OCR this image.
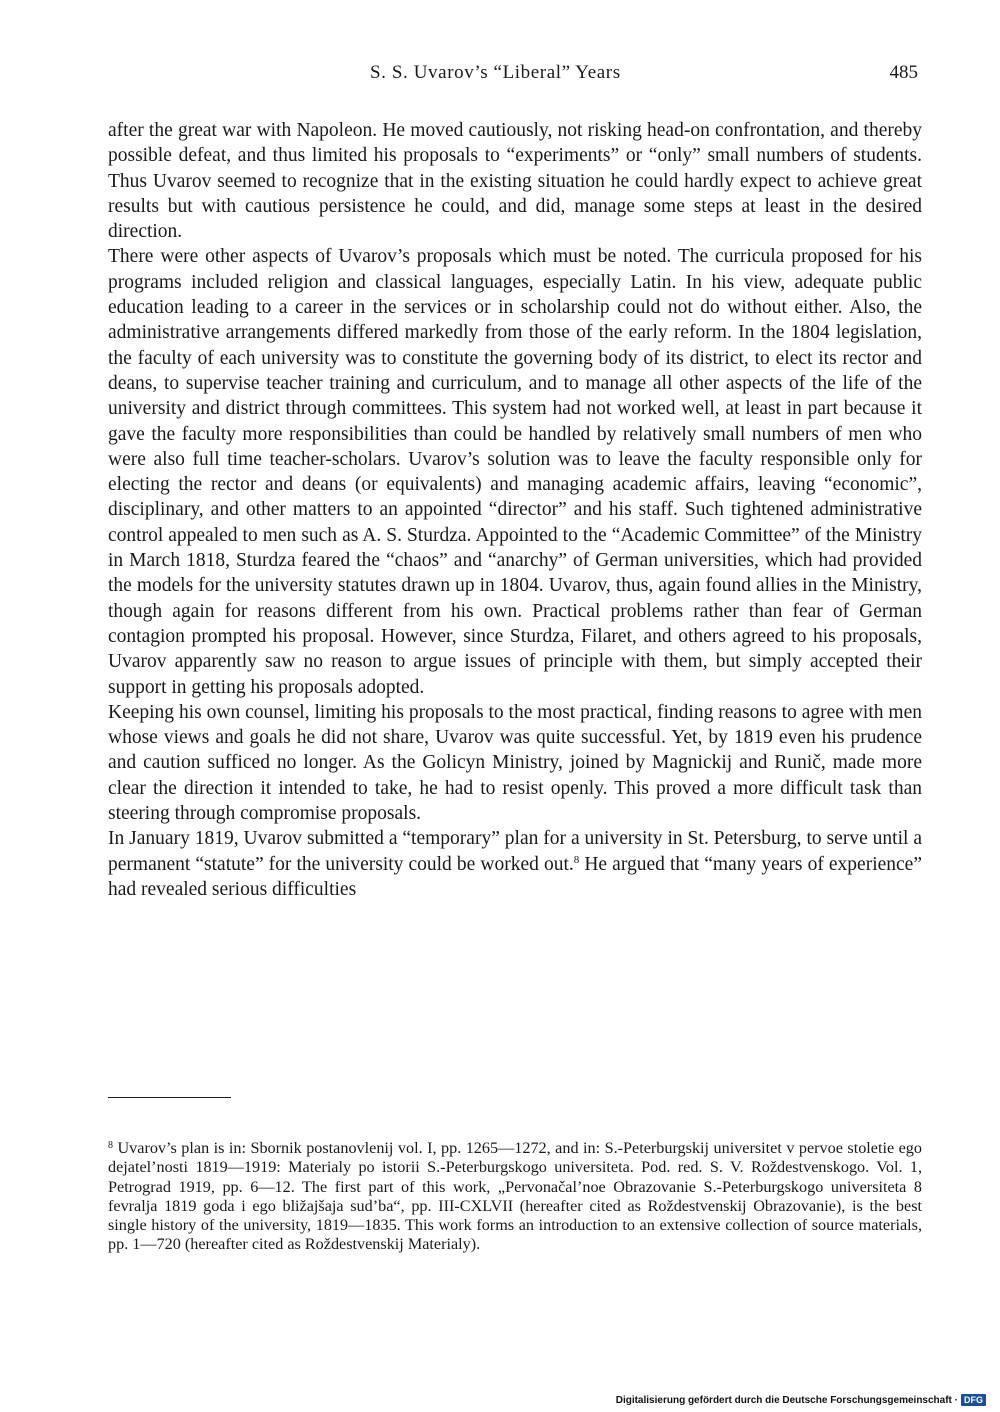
S. S. Uvarov’s “Liberal” Years	485

after the great war with Napoleon. He moved cautiously, not risking head-on confrontation, and thereby possible defeat, and thus limited his proposals to “experiments” or “only” small numbers of students. Thus Uvarov seemed to recognize that in the existing situation he could hardly expect to achieve great results but with cautious persistence he could, and did, manage some steps at least in the desired direction.

There were other aspects of Uvarov’s proposals which must be noted. The curricula proposed for his programs included religion and classical languages, especially Latin. In his view, adequate public education leading to a career in the services or in scholarship could not do without either. Also, the administrative arrangements differed markedly from those of the early reform. In the 1804 legislation, the faculty of each university was to constitute the governing body of its district, to elect its rector and deans, to supervise teacher training and curriculum, and to manage all other aspects of the life of the university and district through committees. This system had not worked well, at least in part because it gave the faculty more responsibilities than could be handled by relatively small numbers of men who were also full time teacher-scholars. Uvarov’s solution was to leave the faculty responsible only for electing the rector and deans (or equivalents) and managing academic affairs, leaving “economic”, disciplinary, and other matters to an appointed “director” and his staff. Such tightened administrative control appealed to men such as A. S. Sturdza. Appointed to the “Academic Committee” of the Ministry in March 1818, Sturdza feared the “chaos” and “anarchy” of German universities, which had provided the models for the university statutes drawn up in 1804. Uvarov, thus, again found allies in the Ministry, though again for reasons different from his own. Practical problems rather than fear of German contagion prompted his proposal. However, since Sturdza, Filaret, and others agreed to his proposals, Uvarov apparently saw no reason to argue issues of principle with them, but simply accepted their support in getting his proposals adopted.

Keeping his own counsel, limiting his proposals to the most practical, finding reasons to agree with men whose views and goals he did not share, Uvarov was quite successful. Yet, by 1819 even his prudence and caution sufficed no longer. As the Golicyn Ministry, joined by Magnickij and Runič, made more clear the direction it intended to take, he had to resist openly. This proved a more difficult task than steering through compromise proposals.

In January 1819, Uvarov submitted a “temporary” plan for a university in St. Petersburg, to serve until a permanent “statute” for the university could be worked out.$^8$ He argued that “many years of experience” had revealed serious difficulties

$^8$ Uvarov’s plan is in: Sbornik postanovlenij vol. I, pp. 1265—1272, and in: S.-Peterburgskij universitet v pervoe stoletie ego dejatel’nosti 1819—1919: Materialy po istorii S.-Peterburgskogo universiteta. Pod. red. S. V. Roždestvenskogo. Vol. 1, Petrograd 1919, pp. 6—12. The first part of this work, „Pervonačal’noe Obrazovanie S.-Peterburgskogo universiteta 8 fevralja 1819 goda i ego bližajšaja sud’ba“, pp. III-CXLVII (hereafter cited as Roždestvenskij Obrazovanie), is the best single history of the university, 1819—1835. This work forms an introduction to an extensive collection of source materials, pp. 1—720 (hereafter cited as Roždestvenskij Materialy).
Digitalisierung gefördert durch die Deutsche Forschungsgemeinschaft · DFG
